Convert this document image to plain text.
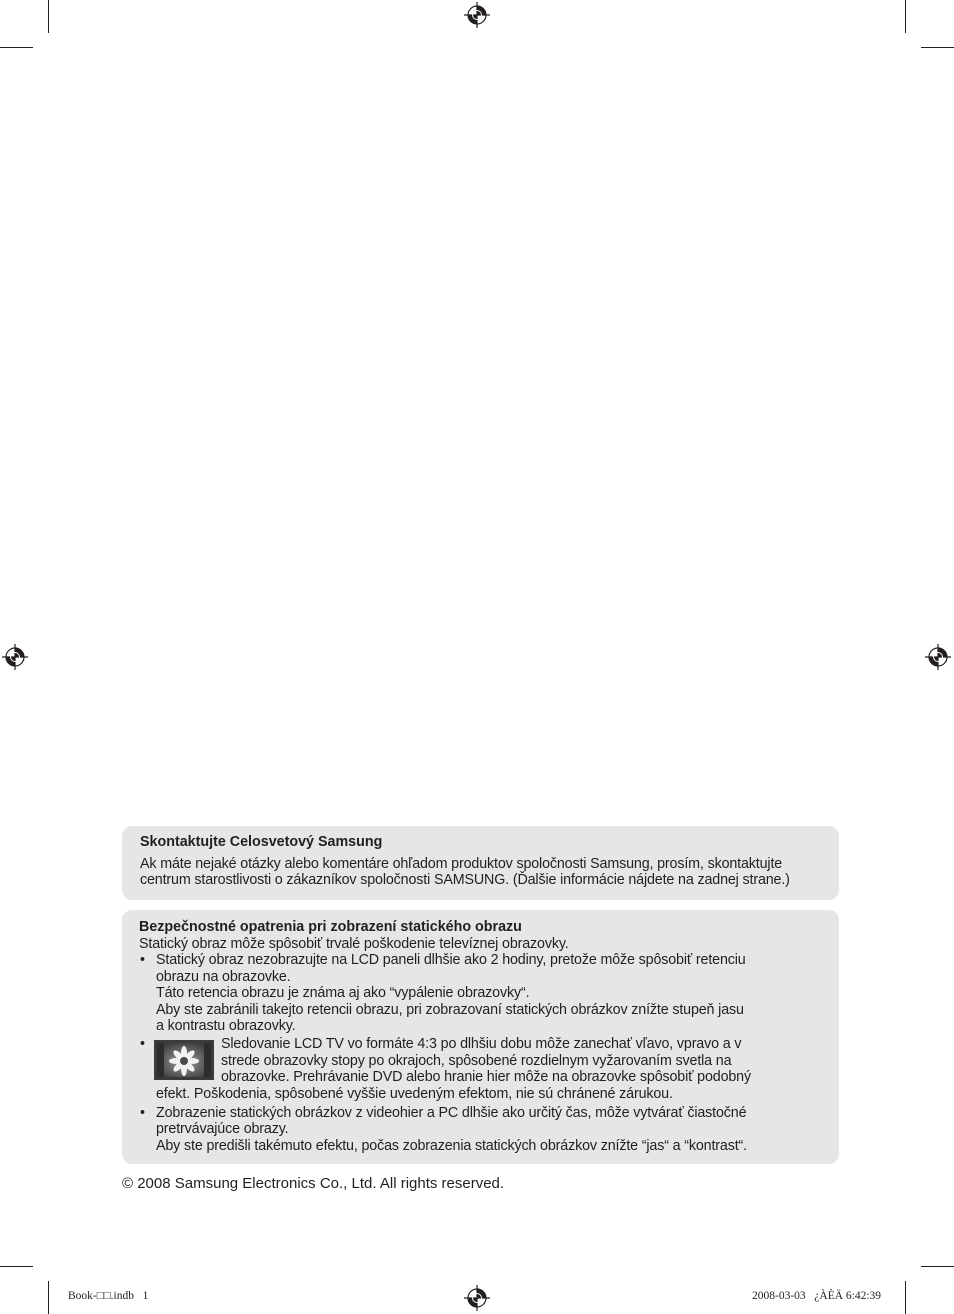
Skontaktujte Celosvetový Samsung
Ak máte nejaké otázky alebo komentáre ohľadom produktov spoločnosti Samsung, prosím, skontaktujte
centrum starostlivosti o zákazníkov spoločnosti SAMSUNG. (Ďalšie informácie nájdete na zadnej strane.)
Bezpečnostné opatrenia pri zobrazení statického obrazu
Statický obraz môže spôsobiť trvalé poškodenie televíznej obrazovky.
• Statický obraz nezobrazujte na LCD paneli dlhšie ako 2 hodiny, pretože môže spôsobiť retenciu
obrazu na obrazovke.
Táto retencia obrazu je známa aj ako “vypálenie obrazovky“.
Aby ste zabránili takejto retencii obrazu, pri zobrazovaní statických obrázkov znížte stupeň jasu
a kontrastu obrazovky.
•	Sledovanie LCD TV vo formáte 4:3 po dlhšiu dobu môže zanechať vľavo, vpravo a v
strede obrazovky stopy po okrajoch, spôsobené rozdielnym vyžarovaním svetla na
obrazovke. Prehrávanie DVD alebo hranie hier môže na obrazovke spôsobiť podobný
efekt. Poškodenia, spôsobené vyššie uvedeným efektom, nie sú chránené zárukou.
• Zobrazenie statických obrázkov z videohier a PC dlhšie ako určitý čas, môže vytvárať čiastočné
pretrvávajúce obrazy.
Aby ste predišli takémuto efektu, počas zobrazenia statických obrázkov znížte “jas“ a “kontrast“.
© 2008 Samsung Electronics Co., Ltd. All rights reserved.
Book-□□.indb   1	2008-03-03   ¿ÀÈÄ 6:42:39
